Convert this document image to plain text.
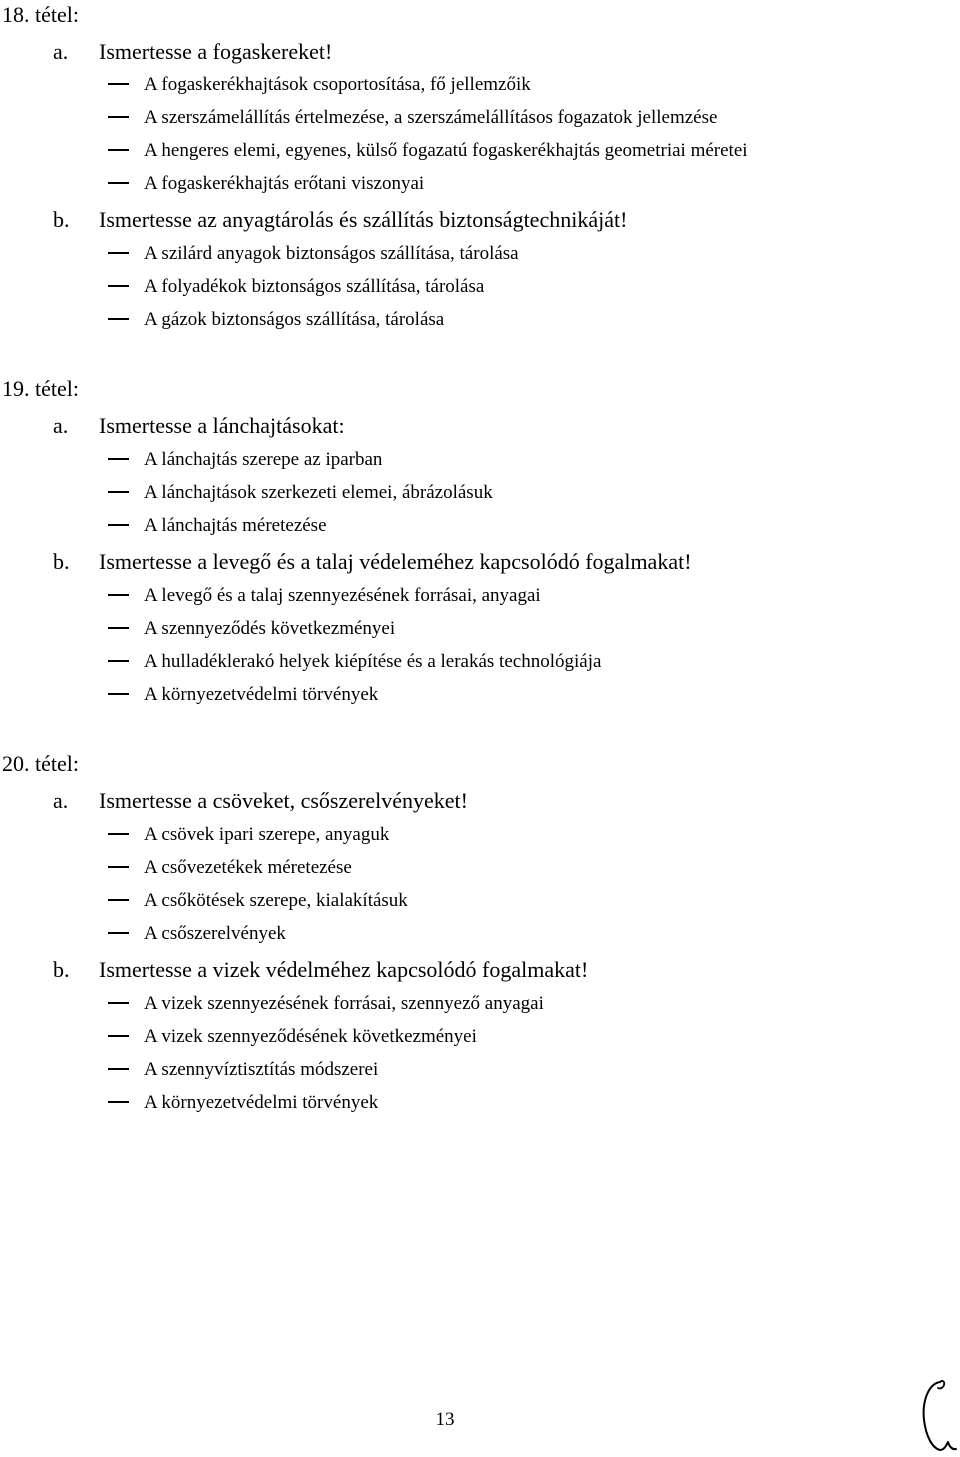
18. tétel:
a. Ismertesse a fogaskereket!
A fogaskerékhajtások csoportosítása, fő jellemzőik
A szerszámelállítás értelmezése, a szerszámelállításos fogazatok jellemzése
A hengeres elemi, egyenes, külső fogazatú fogaskerékhajtás geometriai méretei
A fogaskerékhajtás erőtani viszonyai
b. Ismertesse az anyagtárolás és szállítás biztonságtechnikáját!
A szilárd anyagok biztonságos szállítása, tárolása
A folyadékok biztonságos szállítása, tárolása
A gázok biztonságos szállítása, tárolása
19. tétel:
a. Ismertesse a lánchajtásokat:
A lánchajtás szerepe az iparban
A lánchajtások szerkezeti elemei, ábrázolásuk
A lánchajtás méretezése
b. Ismertesse a levegő és a talaj védeleméhez kapcsolódó fogalmakat!
A levegő és a talaj szennyezésének forrásai, anyagai
A szennyeződés következményei
A hulladéklerakó helyek kiépítése és a lerakás technológiája
A környezetvédelmi törvények
20. tétel:
a. Ismertesse a csöveket, csőszerelvényeket!
A csövek ipari szerepe, anyaguk
A csővezetékek méretezése
A csőkötések szerepe, kialakításuk
A csőszerelvények
b. Ismertesse a vizek védelméhez kapcsolódó fogalmakat!
A vizek szennyezésének forrásai, szennyező anyagai
A vizek szennyeződésének következményei
A szennyvíztisztítás módszerei
A környezetvédelmi törvények
13
